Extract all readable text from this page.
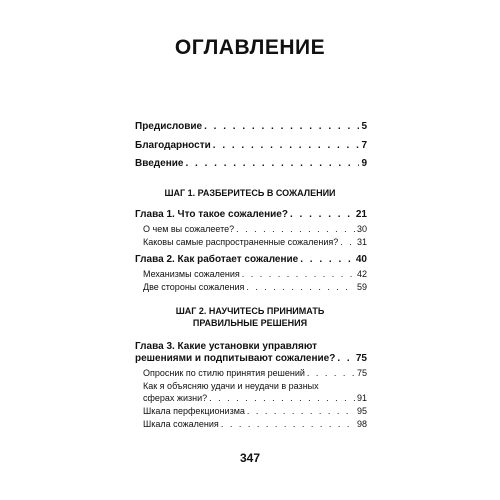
ОГЛАВЛЕНИЕ
Предисловие . . .	5
Благодарности . . .	7
Введение . . .	9
Глава 1. Что такое сожаление? . . .	21
О чем вы сожалеете? . . .	30
Каковы самые распространенные сожаления? . . . 31
Глава 2. Как работает сожаление . . .	40
Механизмы сожаления . . .	42
Две стороны сожаления . . .	59
Глава 3. Какие установки управляют
решениями и подпитывают сожаление? . . . 75
Опросник по стилю принятия решений . . .	75
Как я объясняю удачи и неудачи в разных
сферах жизни? . . .	91
Шкала перфекционизма . . .	95
Шкала сожаления . . .	98
ШАГ 1. РАЗБЕРИТЕСЬ В СОЖАЛЕНИИ
ШАГ 2. НАУЧИТЕСЬ ПРИНИМАТЬ
ПРАВИЛЬНЫЕ РЕШЕНИЯ
347
